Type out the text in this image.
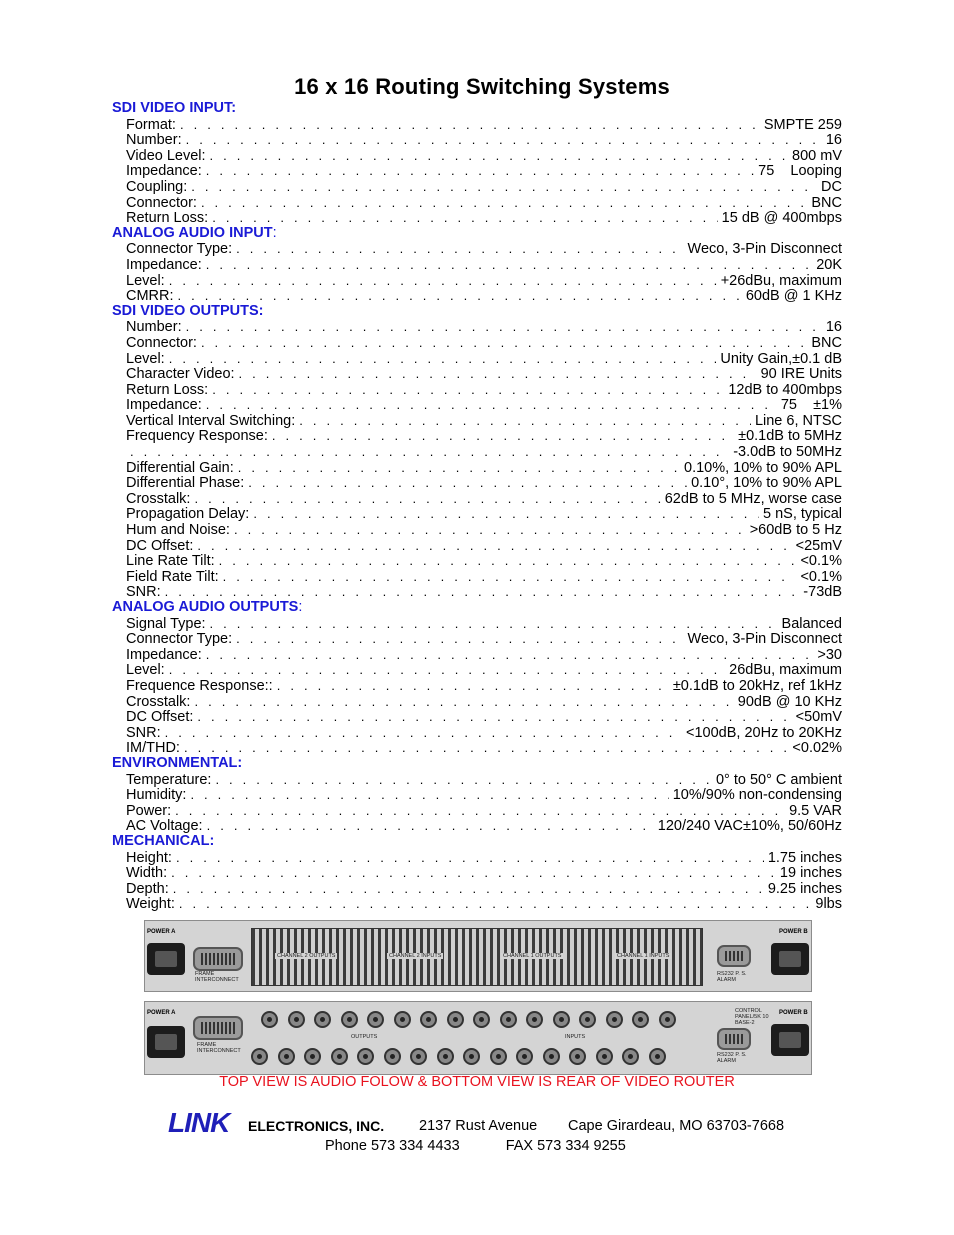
16 x 16 Routing Switching Systems
SDI VIDEO INPUT:
Format: . . .	SMPTE 259
Number: . . .	16
Video Level: . . .	800 mV
Impedance: . . .	75    Looping
Coupling: . . .	DC
Connector: . . .	BNC
Return Loss: . . .	15 dB @ 400mbps
ANALOG AUDIO INPUT:
Connector Type: . . .	Weco, 3-Pin Disconnect
Impedance: . . .	20K
Level: . . .	+26dBu, maximum
CMRR: . . .	60dB @ 1 KHz
SDI VIDEO OUTPUTS:
Number: . . .	16
Connector: . . .	BNC
Level: . . .	Unity Gain,±0.1 dB
Character Video: . . .	90 IRE Units
Return Loss: . . .	12dB to 400mbps
Impedance: . . .	75    ±1%
Vertical Interval Switching: . . .	Line 6, NTSC
Frequency Response: . . .	±0.1dB to 5MHz
. . .
-3.0dB to 50MHz
Differential Gain: . . .	0.10%, 10% to 90% APL
Differential Phase: . . .	0.10°, 10% to 90% APL
Crosstalk: . . .	62dB to 5 MHz, worse case
Propagation Delay: . . .	5 nS, typical
Hum and Noise: . . .	>60dB to 5 Hz
DC Offset: . . .	<25mV
Line Rate Tilt: . . .	<0.1%
Field Rate Tilt: . . .	<0.1%
SNR: . . .	-73dB
ANALOG AUDIO OUTPUTS:
Signal Type: . . .	Balanced
Connector Type: . . .	Weco, 3-Pin Disconnect
Impedance: . . .	>30
Level: . . .	26dBu, maximum
Frequence Response:: . . .	±0.1dB to 20kHz, ref 1kHz
Crosstalk: . . .	90dB @ 10 KHz
DC Offset: . . .	<50mV
SNR: . . .	<100dB, 20Hz to 20KHz
IM/THD: . . .	<0.02%
ENVIRONMENTAL:
Temperature: . . .	0° to 50° C ambient
Humidity: . . .	10%/90% non-condensing
Power: . . .	9.5 VAR
AC Voltage: . . .	120/240 VAC±10%, 50/60Hz
MECHANICAL:
Height: . . .	1.75 inches
Width: . . .	19 inches
Depth: . . .	9.25 inches
Weight: . . .	9lbs
POWER A
FRAME INTERCONNECT
CHANNEL 2 OUTPUTS	CHANNEL 2 INPUTS	CHANNEL 1 OUTPUTS	CHANNEL 1 INPUTS
RS232 P. S. ALARM
POWER B
POWER A
FRAME INTERCONNECT
OUTPUTS	INPUTS
CONTROL PANEL/5K 10 BASE-2
RS232 P. S. ALARM
POWER B
TOP VIEW IS AUDIO FOLOW & BOTTOM VIEW IS REAR OF VIDEO ROUTER
LINK ELECTRONICS, INC. 2137 Rust Avenue Cape Girardeau, MO 63703-7668
Phone 573 334 4433	FAX 573 334 9255
